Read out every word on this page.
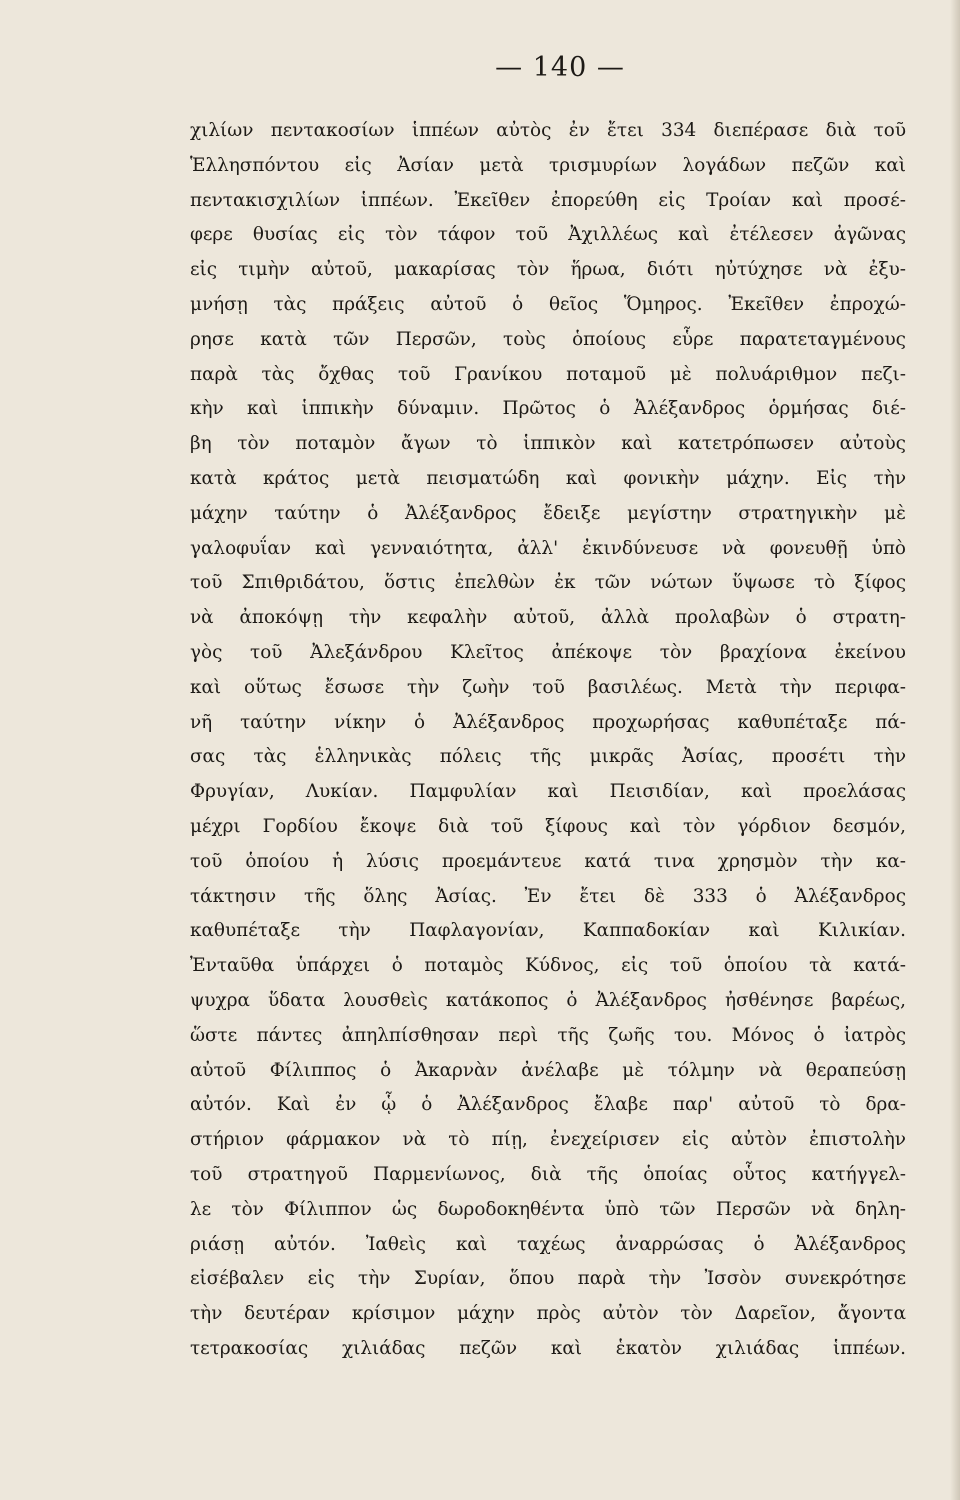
— 140 —
χιλίων πεντακοσίων ἱππέων αὐτὸς ἐν ἔτει 334 διεπέρασε διὰ τοῦ
Ἑλλησπόντου εἰς Ἀσίαν μετὰ τρισμυρίων λογάδων πεζῶν καὶ
πεντακισχιλίων ἱππέων. Ἐκεῖθεν ἐπορεύθη εἰς Τροίαν καὶ προσέ-
φερε θυσίας εἰς τὸν τάφον τοῦ Ἀχιλλέως καὶ ἐτέλεσεν ἀγῶνας
εἰς τιμὴν αὐτοῦ, μακαρίσας τὸν ἥρωα, διότι ηὐτύχησε νὰ ἐξυ-
μνήσῃ τὰς πράξεις αὐτοῦ ὁ θεῖος Ὅμηρος. Ἐκεῖθεν ἐπροχώ-
ρησε κατὰ τῶν Περσῶν, τοὺς ὁποίους εὗρε παρατεταγμένους
παρὰ τὰς ὄχθας τοῦ Γρανίκου ποταμοῦ μὲ πολυάριθμον πεζι-
κὴν καὶ ἱππικὴν δύναμιν. Πρῶτος ὁ Ἀλέξανδρος ὁρμήσας διέ-
βη τὸν ποταμὸν ἄγων τὸ ἱππικὸν καὶ κατετρόπωσεν αὐτοὺς
κατὰ κράτος μετὰ πεισματώδη καὶ φονικὴν μάχην. Εἰς τὴν
μάχην ταύτην ὁ Ἀλέξανδρος ἔδειξε μεγίστην στρατηγικὴν μὲ
γαλοφυΐαν καὶ γενναιότητα, ἀλλ' ἐκινδύνευσε νὰ φονευθῇ ὑπὸ
τοῦ Σπιθριδάτου, ὅστις ἐπελθὼν ἐκ τῶν νώτων ὕψωσε τὸ ξίφος
νὰ ἀποκόψῃ τὴν κεφαλὴν αὐτοῦ, ἀλλὰ προλαβὼν ὁ στρατη-
γὸς τοῦ Ἀλεξάνδρου Κλεῖτος ἀπέκοψε τὸν βραχίονα ἐκείνου
καὶ οὕτως ἔσωσε τὴν ζωὴν τοῦ βασιλέως. Μετὰ τὴν περιφα-
νῆ ταύτην νίκην ὁ Ἀλέξανδρος προχωρήσας καθυπέταξε πά-
σας τὰς ἑλληνικὰς πόλεις τῆς μικρᾶς Ἀσίας, προσέτι τὴν
Φρυγίαν, Λυκίαν. Παμφυλίαν καὶ Πεισιδίαν, καὶ προελάσας
μέχρι Γορδίου ἔκοψε διὰ τοῦ ξίφους καὶ τὸν γόρδιον δεσμόν,
τοῦ ὁποίου ἡ λύσις προεμάντευε κατά τινα χρησμὸν τὴν κα-
τάκτησιν τῆς ὅλης Ἀσίας. Ἐν ἔτει δὲ 333 ὁ Ἀλέξανδρος
καθυπέταξε τὴν Παφλαγονίαν, Καππαδοκίαν καὶ Κιλικίαν.
Ἐνταῦθα ὑπάρχει ὁ ποταμὸς Κύδνος, εἰς τοῦ ὁποίου τὰ κατά-
ψυχρα ὕδατα λουσθεὶς κατάκοπος ὁ Ἀλέξανδρος ἠσθένησε βαρέως,
ὥστε πάντες ἀπηλπίσθησαν περὶ τῆς ζωῆς του. Μόνος ὁ ἰατρὸς
αὐτοῦ Φίλιππος ὁ Ἀκαρνὰν ἀνέλαβε μὲ τόλμην νὰ θεραπεύσῃ
αὐτόν. Καὶ ἐν ᾧ ὁ Ἀλέξανδρος ἔλαβε παρ' αὐτοῦ τὸ δρα-
στήριον φάρμακον νὰ τὸ πίῃ, ἐνεχείρισεν εἰς αὐτὸν ἐπιστολὴν
τοῦ στρατηγοῦ Παρμενίωνος, διὰ τῆς ὁποίας οὗτος κατήγγελ-
λε τὸν Φίλιππον ὡς δωροδοκηθέντα ὑπὸ τῶν Περσῶν νὰ δηλη-
ριάσῃ αὐτόν. Ἰαθεὶς καὶ ταχέως ἀναρρώσας ὁ Ἀλέξανδρος
εἰσέβαλεν εἰς τὴν Συρίαν, ὅπου παρὰ τὴν Ἰσσὸν συνεκρότησε
τὴν δευτέραν κρίσιμον μάχην πρὸς αὐτὸν τὸν Δαρεῖον, ἄγοντα
τετρακοσίας χιλιάδας πεζῶν καὶ ἑκατὸν χιλιάδας ἱππέων.
